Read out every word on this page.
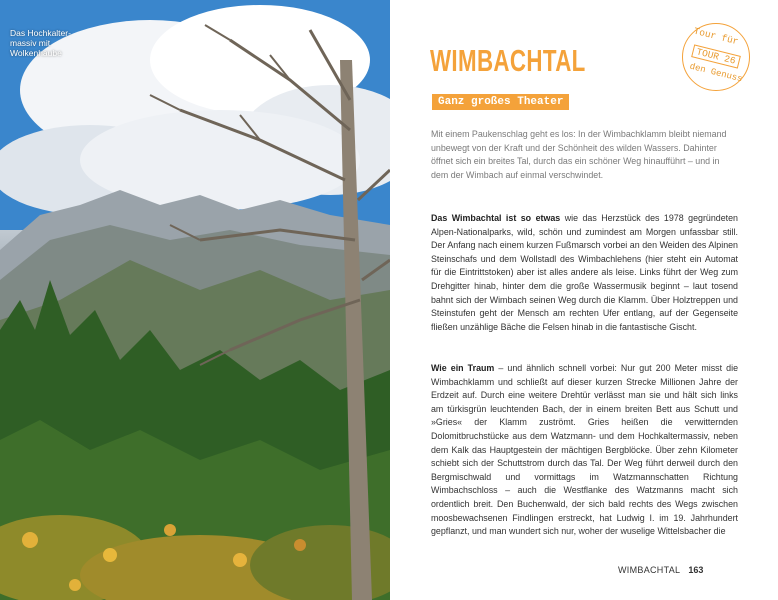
Das Hochkalter-
massiv mit
Wolkenhaube	WIMBACHTAL
Ganz großes Theater
Tour für
TOUR 26
den Genuss

Mit einem Paukenschlag geht es los: In der Wimbachklamm bleibt niemand unbewegt von der Kraft und der Schönheit des wilden Wassers. Dahinter öffnet sich ein breites Tal, durch das ein schöner Weg hinaufführt – und in dem der Wimbach auf einmal verschwindet.

Das Wimbachtal ist so etwas wie das Herzstück des 1978 gegründeten Alpen-Nationalparks, wild, schön und zumindest am Morgen unfassbar still. Der Anfang nach einem kurzen Fußmarsch vorbei an den Weiden des Alpinen Steinschafs und dem Wollstadl des Wimbachlehens (hier steht ein Automat für die Eintrittstoken) aber ist alles andere als leise. Links führt der Weg zum Drehgitter hinab, hinter dem die große Wassermusik beginnt – laut tosend bahnt sich der Wimbach seinen Weg durch die Klamm. Über Holztreppen und Steinstufen geht der Mensch am rechten Ufer entlang, auf der Gegenseite fließen unzählige Bäche die Felsen hinab in die fantastische Gischt.

Wie ein Traum – und ähnlich schnell vorbei: Nur gut 200 Meter misst die Wimbachklamm und schließt auf dieser kurzen Strecke Millionen Jahre der Erdzeit auf. Durch eine weitere Drehtür verlässt man sie und hält sich links am türkisgrün leuchtenden Bach, der in einem breiten Bett aus Schutt und »Gries« der Klamm zuströmt. Gries heißen die verwitternden Dolomitbruchstücke aus dem Watzmann- und dem Hochkaltermassiv, neben dem Kalk das Hauptgestein der mächtigen Bergblöcke. Über zehn Kilometer schiebt sich der Schuttstrom durch das Tal. Der Weg führt derweil durch den Bergmischwald und vormittags im Watzmannschatten Richtung Wimbachschloss – auch die Westflanke des Watzmanns macht sich ordentlich breit. Den Buchenwald, der sich bald rechts des Wegs zwischen moosbewachsenen Findlingen erstreckt, hat Ludwig I. im 19. Jahrhundert gepflanzt, und man wundert sich nur, woher der wuselige Wittelsbacher die

WIMBACHTAL 163
